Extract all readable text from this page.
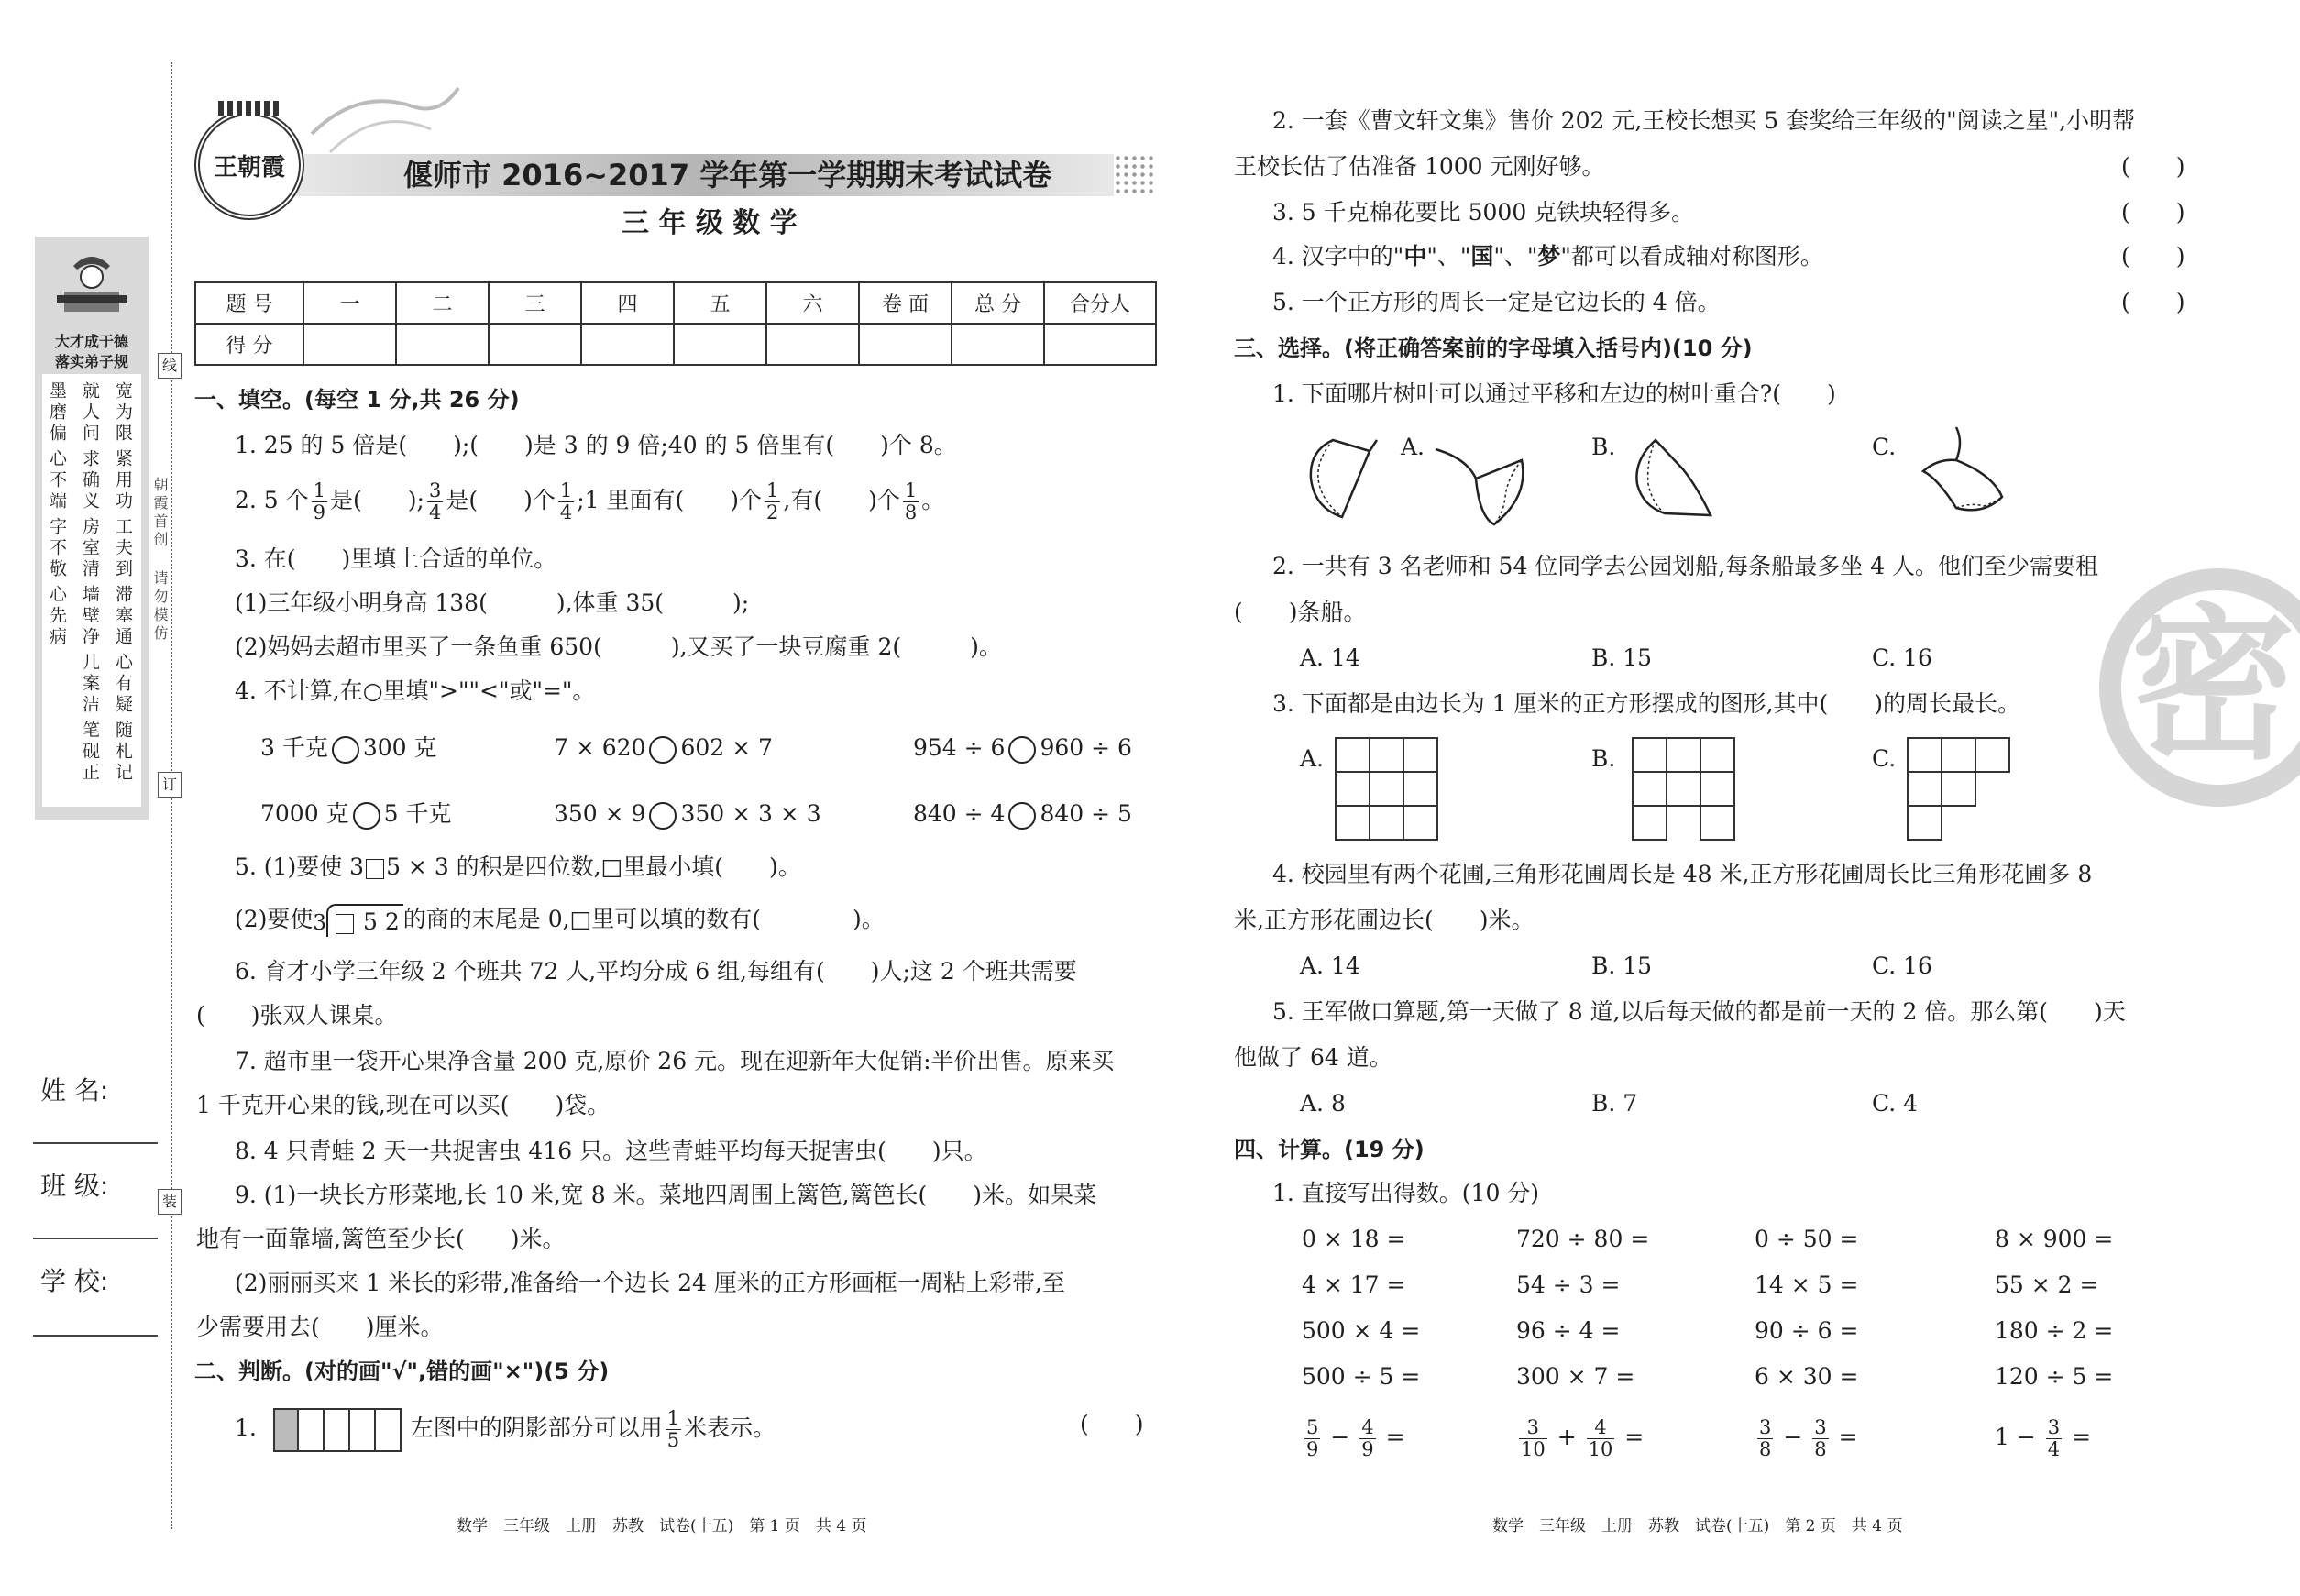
线
订
装
朝霞首创
请勿模仿
大才成于德
落实弟子规
宽为限
紧用功
工夫到
滞塞通
心有疑
随札记
就人问
求确义
房室清
墙壁净
几案洁
笔砚正
墨磨偏
心不端
字不敬
心先病
姓 名:
班 级:
学 校:
王朝霞	偃师市 2016~2017 学年第一学期期末考试试卷
三 年 级 数 学
题 号	一	二	三	四	五	六	卷 面	总 分	合分人
得 分									
一、填空。(每空 1 分,共 26 分)
1. 25 的 5 倍是(　　);(　　)是 3 的 9 倍;40 的 5 倍里有(　　)个 8。
2. 5 个 $\frac{1}{9}$ 是(　　); $\frac{3}{4}$ 是(　　)个 $\frac{1}{4}$ ;1 里面有(　　)个 $\frac{1}{2}$ ,有(　　)个 $\frac{1}{8}$ 。
3. 在(　　)里填上合适的单位。
(1)三年级小明身高 138(　　　),体重 35(　　　);
(2)妈妈去超市里买了一条鱼重 650(　　　),又买了一块豆腐重 2(　　　)。
4. 不计算,在○里填">""<"或"="。
3 千克 300 克	7 × 620 602 × 7	954 ÷ 6 960 ÷ 6
7000 克 5 千克	350 × 9 350 × 3 × 3	840 ÷ 4 840 ÷ 5
5. (1)要使 3 5 × 3 的积是四位数,□里最小填(　　)。
(2)要使3 5 2 的商的末尾是 0,□里可以填的数有(　　　　)。
6. 育才小学三年级 2 个班共 72 人,平均分成 6 组,每组有(　　)人;这 2 个班共需要
(　　)张双人课桌。
7. 超市里一袋开心果净含量 200 克,原价 26 元。现在迎新年大促销:半价出售。原来买
1 千克开心果的钱,现在可以买(　　)袋。
8. 4 只青蛙 2 天一共捉害虫 416 只。这些青蛙平均每天捉害虫(　　)只。
9. (1)一块长方形菜地,长 10 米,宽 8 米。菜地四周围上篱笆,篱笆长(　　)米。如果菜
地有一面靠墙,篱笆至少长(　　)米。
(2)丽丽买来 1 米长的彩带,准备给一个边长 24 厘米的正方形画框一周粘上彩带,至
少需要用去(　　)厘米。
二、判断。(对的画"√",错的画"×")(5 分)
1.	左图中的阴影部分可以用 $\frac{1}{5}$ 米表示。	(　　)
数学　三年级　上册　苏教　试卷(十五)　第 1 页　共 4 页
2. 一套《曹文轩文集》售价 202 元,王校长想买 5 套奖给三年级的"阅读之星",小明帮
王校长估了估准备 1000 元刚好够。	(　　)
3. 5 千克棉花要比 5000 克铁块轻得多。	(　　)
4. 汉字中的"中"、"国"、"梦"都可以看成轴对称图形。	(　　)
5. 一个正方形的周长一定是它边长的 4 倍。	(　　)
三、选择。(将正确答案前的字母填入括号内)(10 分)
1. 下面哪片树叶可以通过平移和左边的树叶重合?(　　)
A.	B.	C.
2. 一共有 3 名老师和 54 位同学去公园划船,每条船最多坐 4 人。他们至少需要租
(　　)条船。
A. 14	B. 15	C. 16
3. 下面都是由边长为 1 厘米的正方形摆成的图形,其中(　　)的周长最长。
A.

			B.

			C.

4. 校园里有两个花圃,三角形花圃周长是 48 米,正方形花圃周长比三角形花圃多 8
米,正方形花圃边长(　　)米。
A. 14	B. 15	C. 16
5. 王军做口算题,第一天做了 8 道,以后每天做的都是前一天的 2 倍。那么第(　　)天
他做了 64 道。
A. 8	B. 7	C. 4
四、计算。(19 分)
1. 直接写出得数。(10 分)
0 × 18 =	720 ÷ 80 =	0 ÷ 50 =	8 × 900 =
4 × 17 =	54 ÷ 3 =	14 × 5 =	55 × 2 =
500 × 4 =	96 ÷ 4 =	90 ÷ 6 =	180 ÷ 2 =
500 ÷ 5 =	300 × 7 =	6 × 30 =	120 ÷ 5 =
$\frac{5}{9} - \frac{4}{9}$ =	$\frac{3}{10} + \frac{4}{10}$ =	$\frac{3}{8} - \frac{3}{8}$ =	$1 - \frac{3}{4}$ =
数学　三年级　上册　苏教　试卷(十五)　第 2 页　共 4 页
密
